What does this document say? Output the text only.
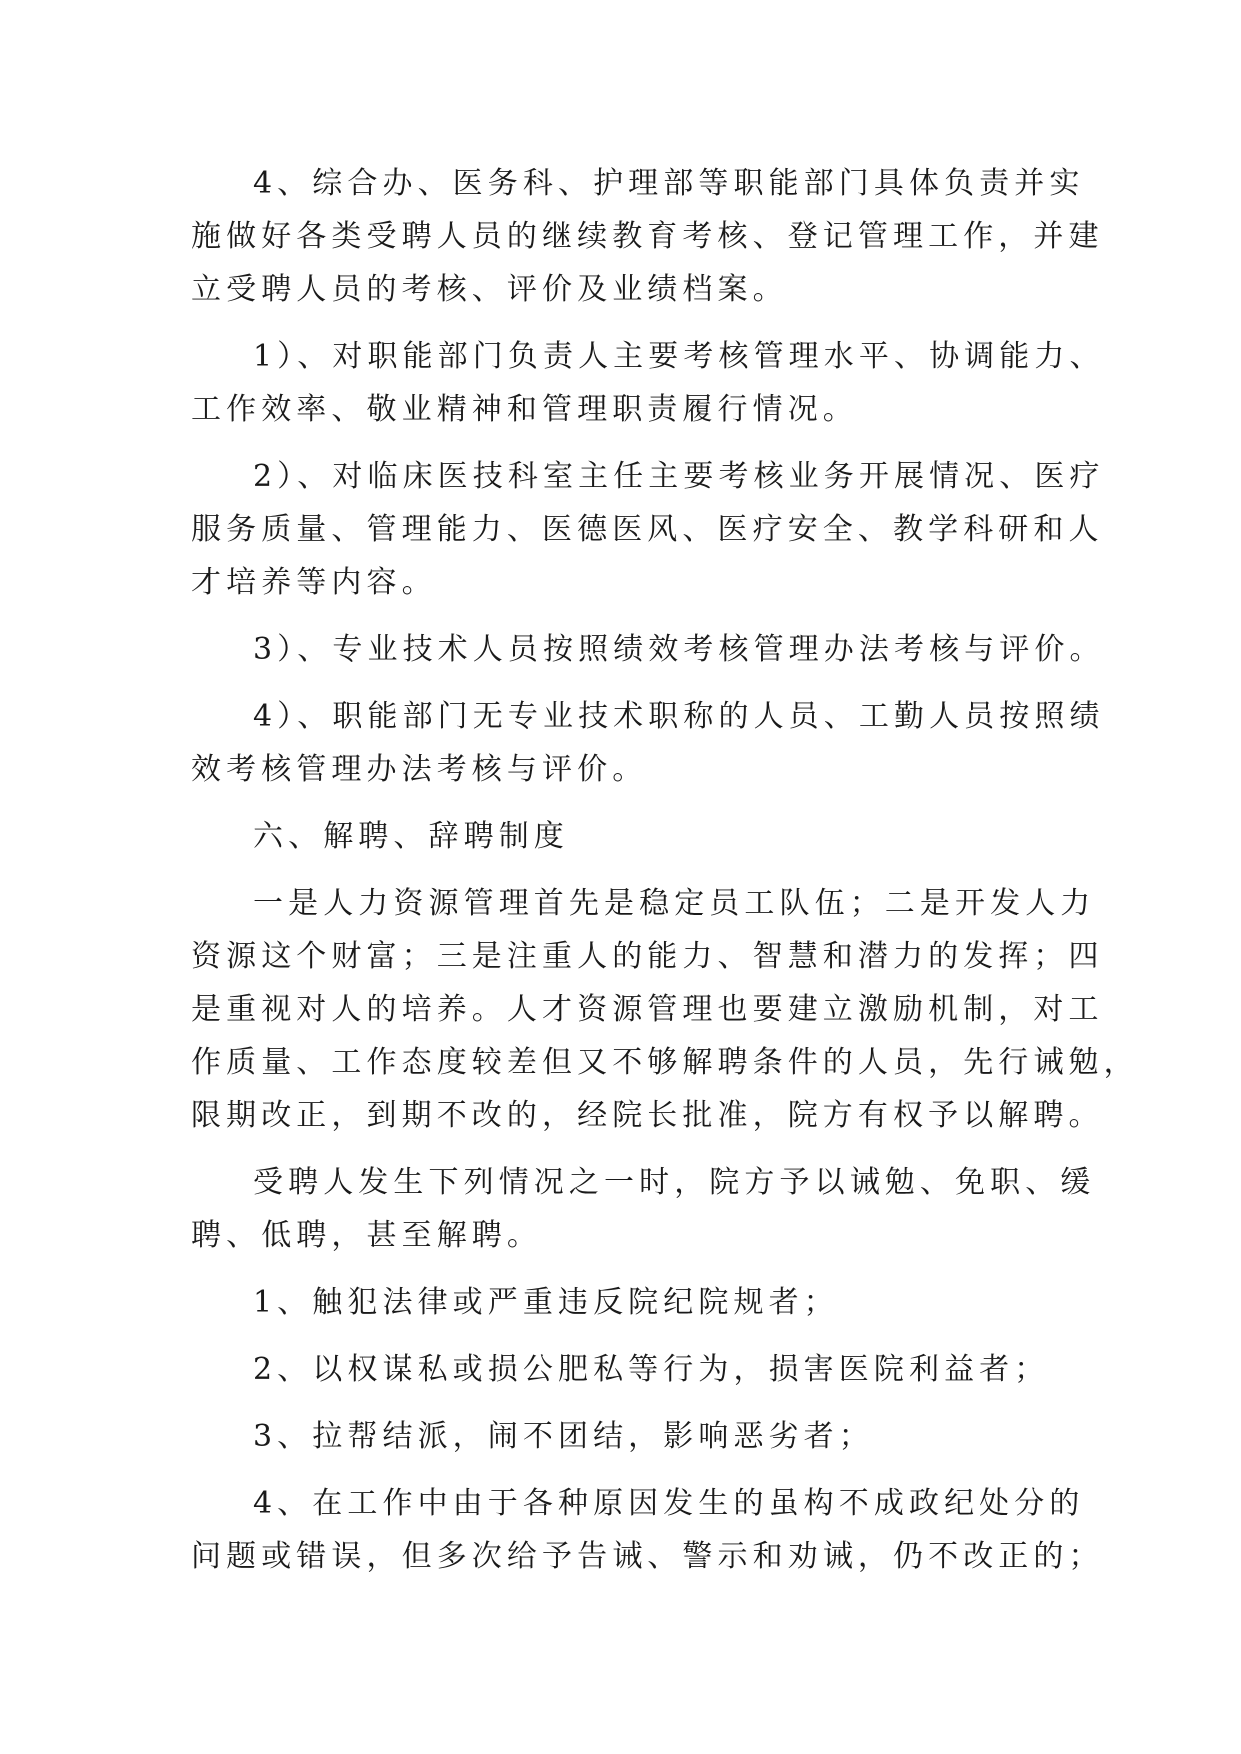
4、综合办、医务科、护理部等职能部门具体负责并实
施做好各类受聘人员的继续教育考核、登记管理工作，并建
立受聘人员的考核、评价及业绩档案。
1）、对职能部门负责人主要考核管理水平、协调能力、
工作效率、敬业精神和管理职责履行情况。
2）、对临床医技科室主任主要考核业务开展情况、医疗
服务质量、管理能力、医德医风、医疗安全、教学科研和人
才培养等内容。
3）、专业技术人员按照绩效考核管理办法考核与评价。
4）、职能部门无专业技术职称的人员、工勤人员按照绩
效考核管理办法考核与评价。
六、解聘、辞聘制度
一是人力资源管理首先是稳定员工队伍；二是开发人力
资源这个财富；三是注重人的能力、智慧和潜力的发挥；四
是重视对人的培养。人才资源管理也要建立激励机制，对工
作质量、工作态度较差但又不够解聘条件的人员，先行诫勉，
限期改正，到期不改的，经院长批准，院方有权予以解聘。
受聘人发生下列情况之一时，院方予以诫勉、免职、缓
聘、低聘，甚至解聘。
1、触犯法律或严重违反院纪院规者；
2、以权谋私或损公肥私等行为，损害医院利益者；
3、拉帮结派，闹不团结，影响恶劣者；
4、在工作中由于各种原因发生的虽构不成政纪处分的
问题或错误，但多次给予告诫、警示和劝诫，仍不改正的；
